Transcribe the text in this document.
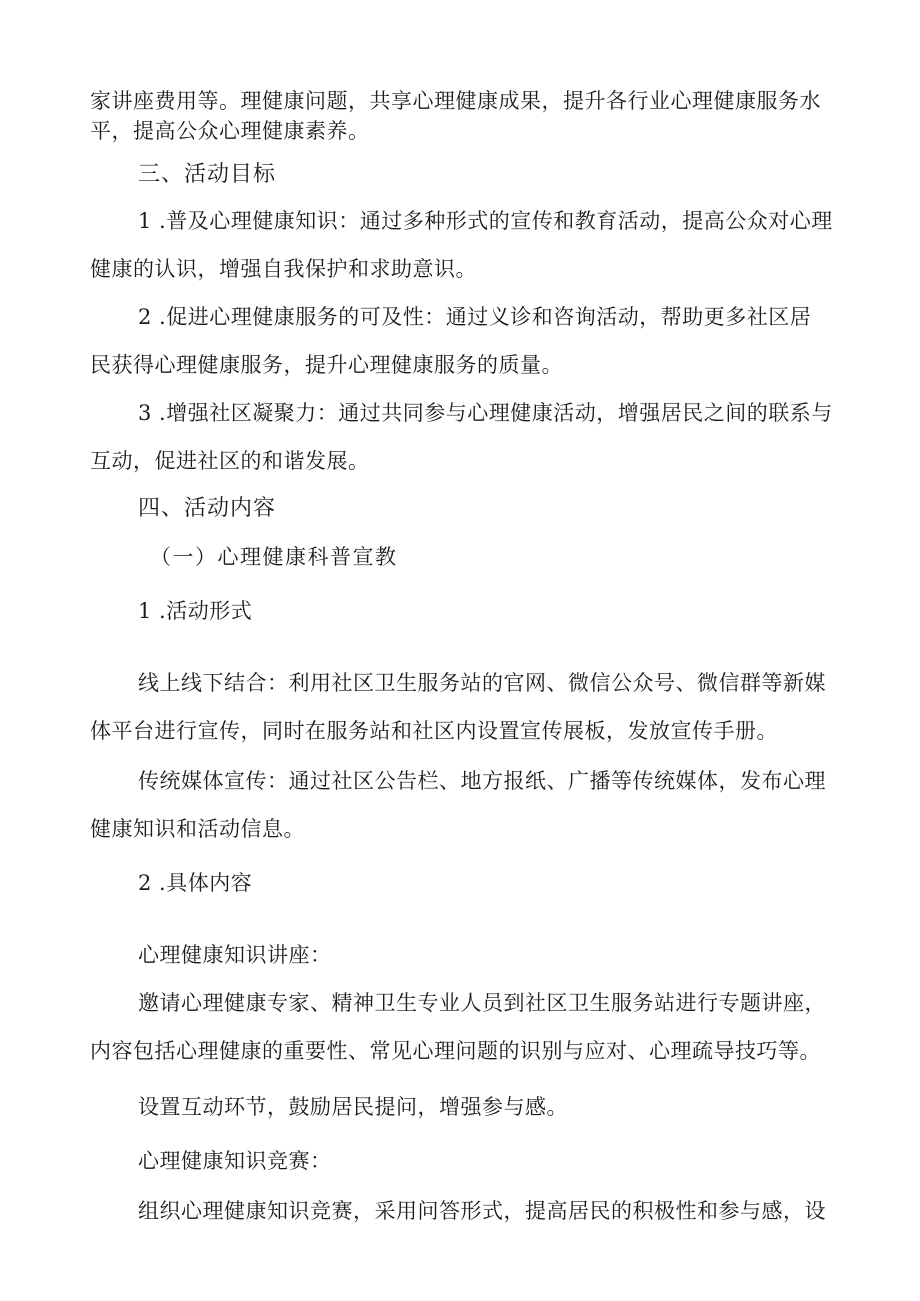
家讲座费用等。理健康问题，共享心理健康成果，提升各行业心理健康服务水
平，提高公众心理健康素养。
三、活动目标
1 .普及心理健康知识：通过多种形式的宣传和教育活动，提高公众对心理
健康的认识，增强自我保护和求助意识。
2 .促进心理健康服务的可及性：通过义诊和咨询活动，帮助更多社区居
民获得心理健康服务，提升心理健康服务的质量。
3 .增强社区凝聚力：通过共同参与心理健康活动，增强居民之间的联系与
互动，促进社区的和谐发展。
四、活动内容
（一）心理健康科普宣教
1 .活动形式
线上线下结合：利用社区卫生服务站的官网、微信公众号、微信群等新媒
体平台进行宣传，同时在服务站和社区内设置宣传展板，发放宣传手册。
传统媒体宣传：通过社区公告栏、地方报纸、广播等传统媒体，发布心理
健康知识和活动信息。
2 .具体内容
心理健康知识讲座：
邀请心理健康专家、精神卫生专业人员到社区卫生服务站进行专题讲座，
内容包括心理健康的重要性、常见心理问题的识别与应对、心理疏导技巧等。
设置互动环节，鼓励居民提问，增强参与感。
心理健康知识竞赛：
组织心理健康知识竞赛，采用问答形式，提高居民的积极性和参与感，设
